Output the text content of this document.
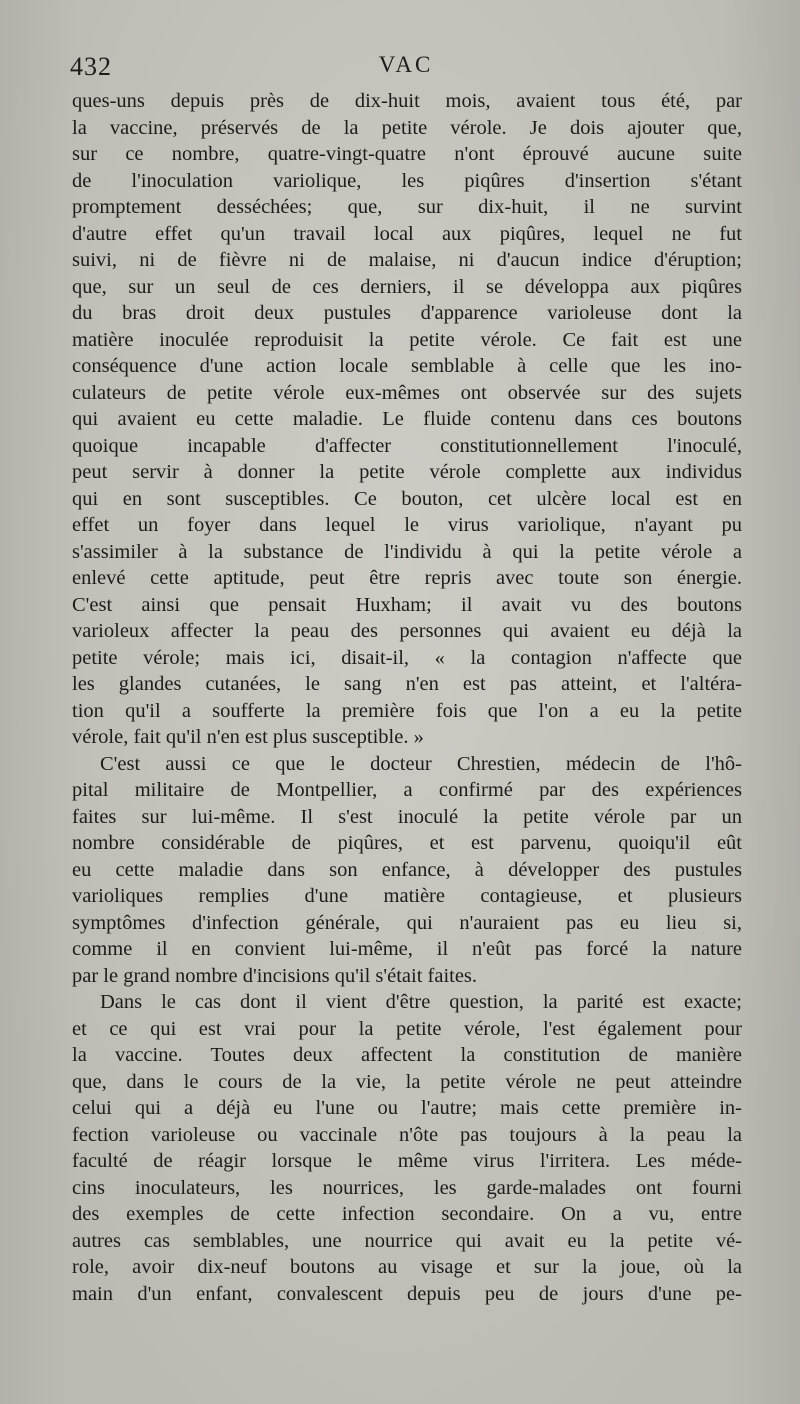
432	VAC
ques-uns depuis près de dix-huit mois, avaient tous été, par
la vaccine, préservés de la petite vérole. Je dois ajouter que,
sur ce nombre, quatre-vingt-quatre n'ont éprouvé aucune suite
de l'inoculation variolique, les piqûres d'insertion s'étant
promptement desséchées; que, sur dix-huit, il ne survint
d'autre effet qu'un travail local aux piqûres, lequel ne fut
suivi, ni de fièvre ni de malaise, ni d'aucun indice d'éruption;
que, sur un seul de ces derniers, il se développa aux piqûres
du bras droit deux pustules d'apparence varioleuse dont la
matière inoculée reproduisit la petite vérole. Ce fait est une
conséquence d'une action locale semblable à celle que les ino-
culateurs de petite vérole eux-mêmes ont observée sur des sujets
qui avaient eu cette maladie. Le fluide contenu dans ces boutons
quoique incapable d'affecter constitutionnellement l'inoculé,
peut servir à donner la petite vérole complette aux individus
qui en sont susceptibles. Ce bouton, cet ulcère local est en
effet un foyer dans lequel le virus variolique, n'ayant pu
s'assimiler à la substance de l'individu à qui la petite vérole a
enlevé cette aptitude, peut être repris avec toute son énergie.
C'est ainsi que pensait Huxham; il avait vu des boutons
varioleux affecter la peau des personnes qui avaient eu déjà la
petite vérole; mais ici, disait-il, « la contagion n'affecte que
les glandes cutanées, le sang n'en est pas atteint, et l'altéra-
tion qu'il a soufferte la première fois que l'on a eu la petite
vérole, fait qu'il n'en est plus susceptible. »
C'est aussi ce que le docteur Chrestien, médecin de l'hô-
pital militaire de Montpellier, a confirmé par des expériences
faites sur lui-même. Il s'est inoculé la petite vérole par un
nombre considérable de piqûres, et est parvenu, quoiqu'il eût
eu cette maladie dans son enfance, à développer des pustules
varioliques remplies d'une matière contagieuse, et plusieurs
symptômes d'infection générale, qui n'auraient pas eu lieu si,
comme il en convient lui-même, il n'eût pas forcé la nature
par le grand nombre d'incisions qu'il s'était faites.
Dans le cas dont il vient d'être question, la parité est exacte;
et ce qui est vrai pour la petite vérole, l'est également pour
la vaccine. Toutes deux affectent la constitution de manière
que, dans le cours de la vie, la petite vérole ne peut atteindre
celui qui a déjà eu l'une ou l'autre; mais cette première in-
fection varioleuse ou vaccinale n'ôte pas toujours à la peau la
faculté de réagir lorsque le même virus l'irritera. Les méde-
cins inoculateurs, les nourrices, les garde-malades ont fourni
des exemples de cette infection secondaire. On a vu, entre
autres cas semblables, une nourrice qui avait eu la petite vé-
role, avoir dix-neuf boutons au visage et sur la joue, où la
main d'un enfant, convalescent depuis peu de jours d'une pe-
